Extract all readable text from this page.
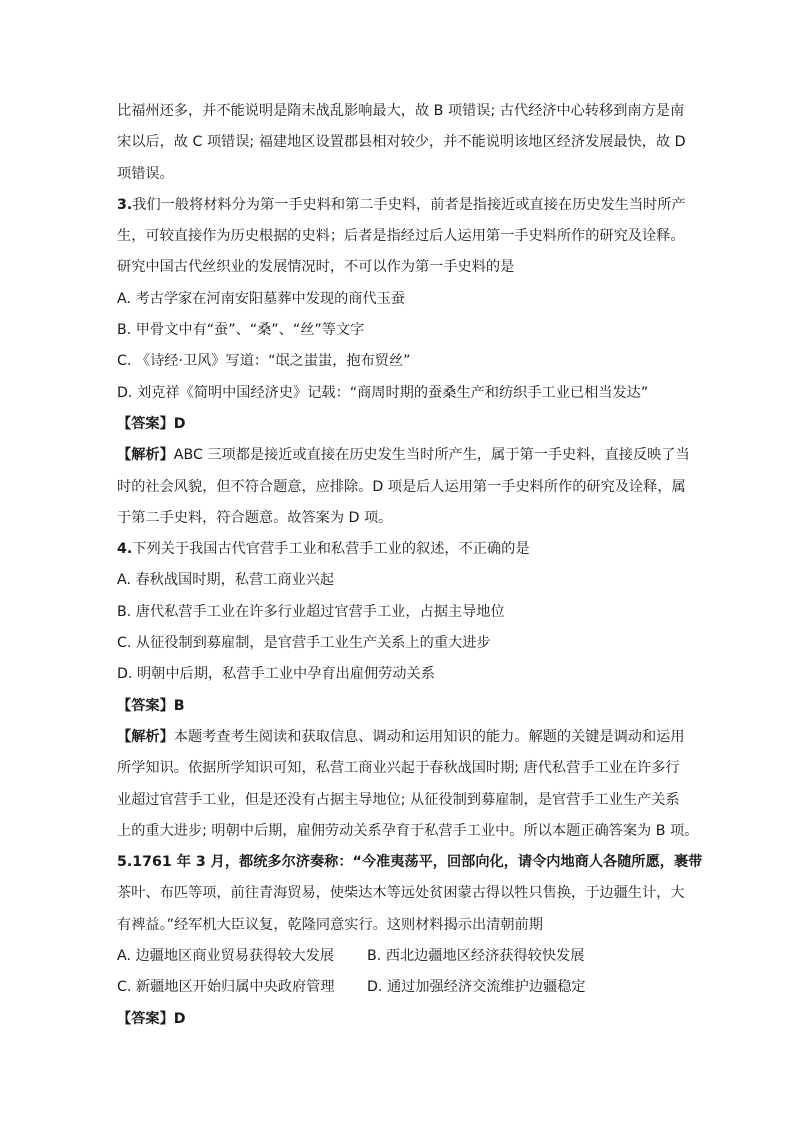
比福州还多，并不能说明是隋末战乱影响最大，故 B 项错误; 古代经济中心转移到南方是南
宋以后，故 C 项错误; 福建地区设置郡县相对较少，并不能说明该地区经济发展最快，故 D
项错误。
3.我们一般将材料分为第一手史料和第二手史料，前者是指接近或直接在历史发生当时所产
生，可较直接作为历史根据的史料；后者是指经过后人运用第一手史料所作的研究及诠释。
研究中国古代丝织业的发展情况时，不可以作为第一手史料的是
A. 考古学家在河南安阳墓葬中发现的商代玉蚕
B. 甲骨文中有“蚕”、“桑”、“丝”等文字
C. 《诗经·卫风》写道：“氓之蚩蚩，抱布贸丝”
D. 刘克祥《简明中国经济史》记载：“商周时期的蚕桑生产和纺织手工业已相当发达”
【答案】D
【解析】ABC 三项都是接近或直接在历史发生当时所产生，属于第一手史料，直接反映了当
时的社会风貌，但不符合题意，应排除。D 项是后人运用第一手史料所作的研究及诠释，属
于第二手史料，符合题意。故答案为 D 项。
4.下列关于我国古代官营手工业和私营手工业的叙述，不正确的是
A. 春秋战国时期，私营工商业兴起
B. 唐代私营手工业在许多行业超过官营手工业，占据主导地位
C. 从征役制到募雇制，是官营手工业生产关系上的重大进步
D. 明朝中后期，私营手工业中孕育出雇佣劳动关系
【答案】B
【解析】本题考查考生阅读和获取信息、调动和运用知识的能力。解题的关键是调动和运用
所学知识。依据所学知识可知，私营工商业兴起于春秋战国时期; 唐代私营手工业在许多行
业超过官营手工业，但是还没有占据主导地位; 从征役制到募雇制，是官营手工业生产关系
上的重大进步; 明朝中后期，雇佣劳动关系孕育于私营手工业中。所以本题正确答案为 B 项。
5.1761 年 3 月，都统多尔济奏称：“今准夷荡平，回部向化，请令内地商人各随所愿，裹带
茶叶、布匹等项，前往青海贸易，使柴达木等远处贫困蒙古得以牲只售换，于边疆生计，大
有裨益。”经军机大臣议复，乾隆同意实行。这则材料揭示出清朝前期
A. 边疆地区商业贸易获得较大发展	B. 西北边疆地区经济获得较快发展
C. 新疆地区开始归属中央政府管理	D. 通过加强经济交流维护边疆稳定
【答案】D
